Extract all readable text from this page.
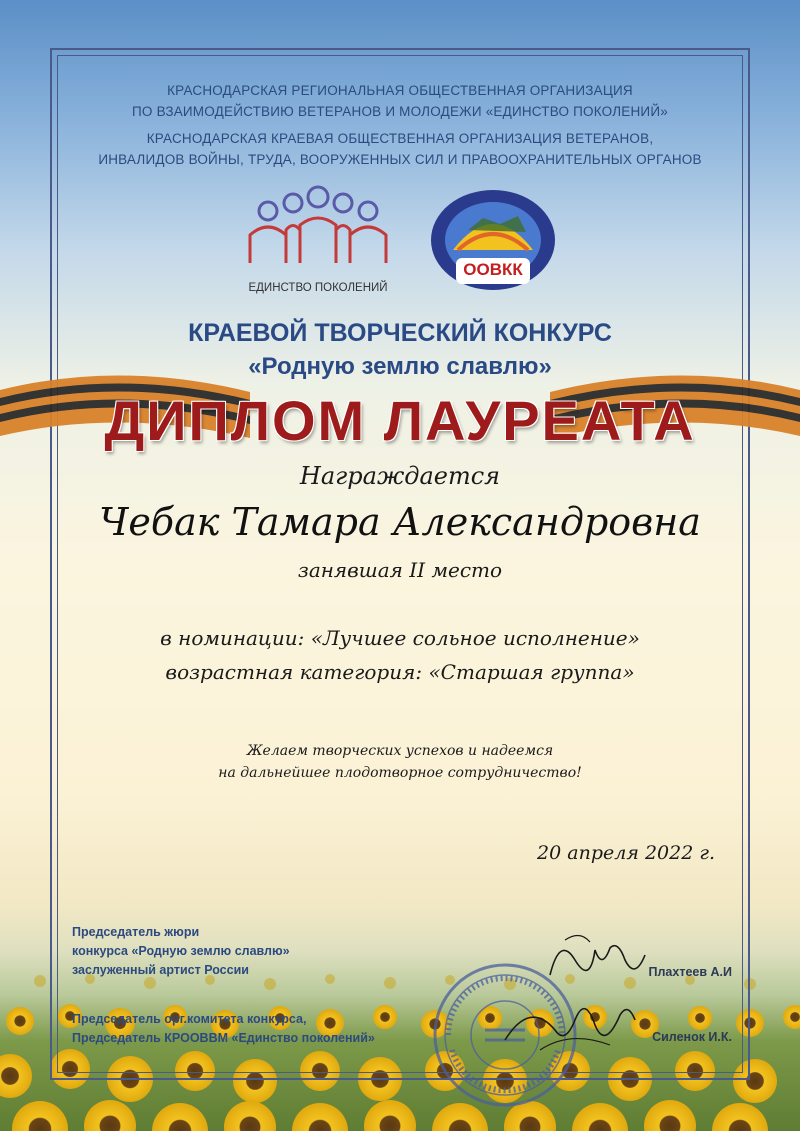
КРАСНОДАРСКАЯ РЕГИОНАЛЬНАЯ ОБЩЕСТВЕННАЯ ОРГАНИЗАЦИЯ
ПО ВЗАИМОДЕЙСТВИЮ ВЕТЕРАНОВ И МОЛОДЕЖИ «ЕДИНСТВО ПОКОЛЕНИЙ»
КРАСНОДАРСКАЯ КРАЕВАЯ ОБЩЕСТВЕННАЯ ОРГАНИЗАЦИЯ ВЕТЕРАНОВ,
ИНВАЛИДОВ ВОЙНЫ, ТРУДА, ВООРУЖЕННЫХ СИЛ И ПРАВООХРАНИТЕЛЬНЫХ ОРГАНОВ
ЕДИНСТВО ПОКОЛЕНИЙ
ООВКК
КРАЕВОЙ ТВОРЧЕСКИЙ КОНКУРС
«Родную землю славлю»
ДИПЛОМ ЛАУРЕАТА
Награждается
Чебак Тамара Александровна
занявшая II место
в номинации: «Лучшее сольное исполнение»
возрастная категория: «Старшая группа»
Желаем творческих успехов и надеемся
на дальнейшее плодотворное сотрудничество!
20 апреля 2022 г.
Председатель жюри
конкурса «Родную землю славлю»
заслуженный артист России	Плахтеев А.И
Председатель орг.комитета конкурса,
Председатель КРООВВМ «Единство поколений»	Силенок И.К.
